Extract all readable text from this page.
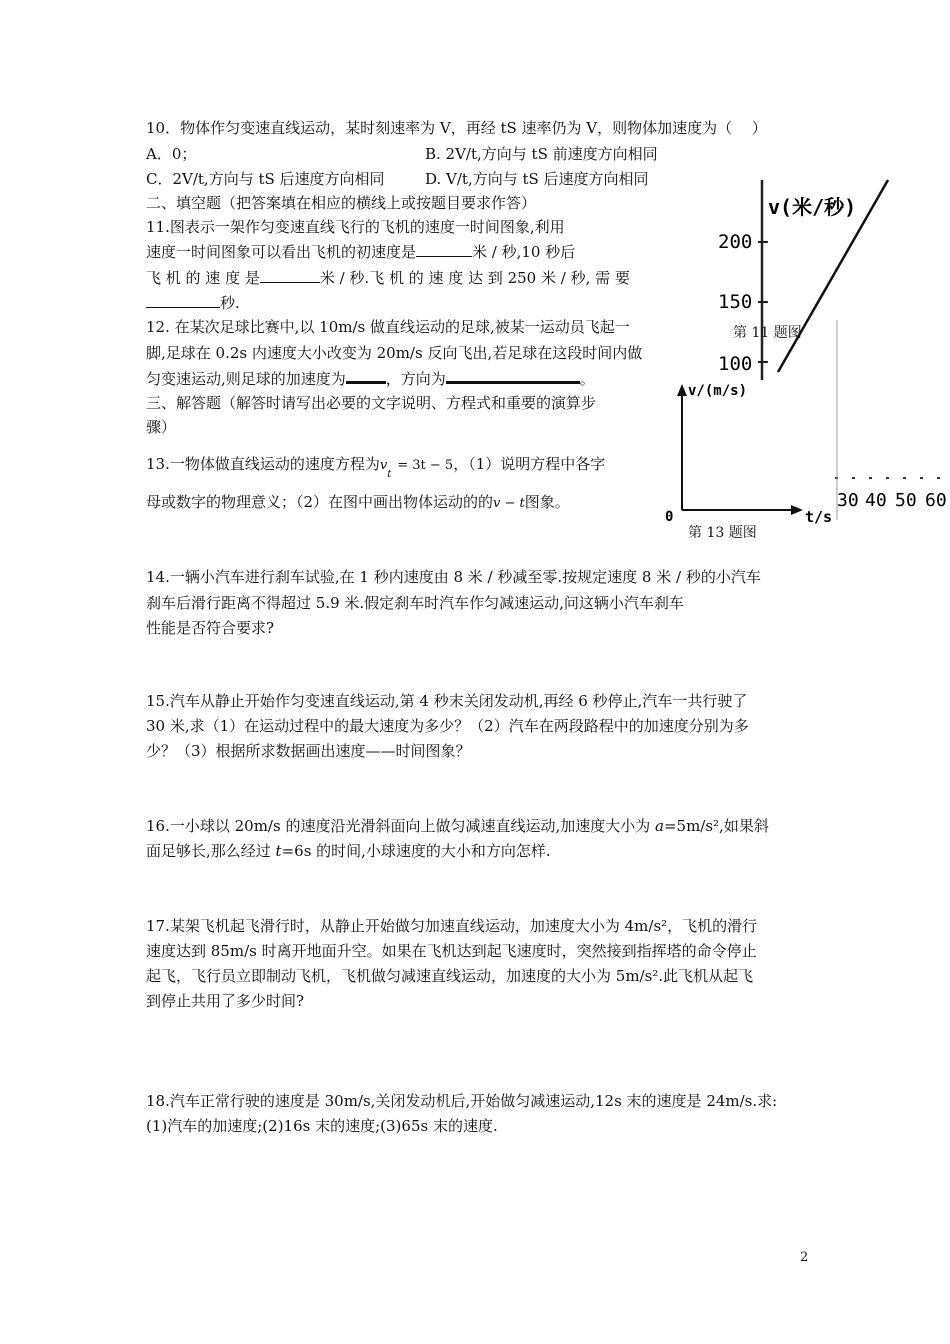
v(米/秒)
200
150
100
30 40 50 60
第 11 题图
v/(m/s)
t/s
0
第 13 题图
10．物体作匀变速直线运动，某时刻速率为 V，再经 tS 速率仍为 V，则物体加速度为（　 ）
A．0；	B. 2V/t,方向与 tS 前速度方向相同
C．2V/t,方向与 tS 后速度方向相同	D. V/t,方向与 tS 后速度方向相同
二、填空题（把答案填在相应的横线上或按题目要求作答）
11.图表示一架作匀变速直线飞行的飞机的速度一时间图象,利用
速度一时间图象可以看出飞机的初速度是	米 / 秒,10 秒后
飞 机 的 速 度 是	米 / 秒.飞 机 的 速 度 达 到 250 米 / 秒, 需 要
秒.
12. 在某次足球比赛中,以 10m/s 做直线运动的足球,被某一运动员飞起一
脚,足球在 0.2s 内速度大小改变为 20m/s 反向飞出,若足球在这段时间内做
匀变速运动,则足球的加速度为	，方向为	。
三、解答题（解答时请写出必要的文字说明、方程式和重要的演算步
骤）
13.一物体做直线运动的速度方程为$v_t= 3t - 5$，（1）说明方程中各字
母或数字的物理意义；（2）在图中画出物体运动的的v − t图象。
14.一辆小汽车进行刹车试验,在 1 秒内速度由 8 米 / 秒减至零.按规定速度 8 米 / 秒的小汽车
刹车后滑行距离不得超过 5.9 米.假定刹车时汽车作匀减速运动,问这辆小汽车刹车
性能是否符合要求?
15.汽车从静止开始作匀变速直线运动,第 4 秒末关闭发动机,再经 6 秒停止,汽车一共行驶了
30 米,求（1）在运动过程中的最大速度为多少？（2）汽车在两段路程中的加速度分别为多
少？（3）根据所求数据画出速度——时间图象？
16.一小球以 20m/s 的速度沿光滑斜面向上做匀减速直线运动,加速度大小为 a=5m/s²,如果斜
面足够长,那么经过 t=6s 的时间,小球速度的大小和方向怎样.
17.某架飞机起飞滑行时，从静止开始做匀加速直线运动，加速度大小为 4m/s²，飞机的滑行
速度达到 85m/s 时离开地面升空。如果在飞机达到起飞速度时，突然接到指挥塔的命令停止
起飞，飞行员立即制动飞机，飞机做匀减速直线运动，加速度的大小为 5m/s².此飞机从起飞
到停止共用了多少时间?
18.汽车正常行驶的速度是 30m/s,关闭发动机后,开始做匀减速运动,12s 末的速度是 24m/s.求:
(1)汽车的加速度;(2)16s 末的速度;(3)65s 末的速度.
2
